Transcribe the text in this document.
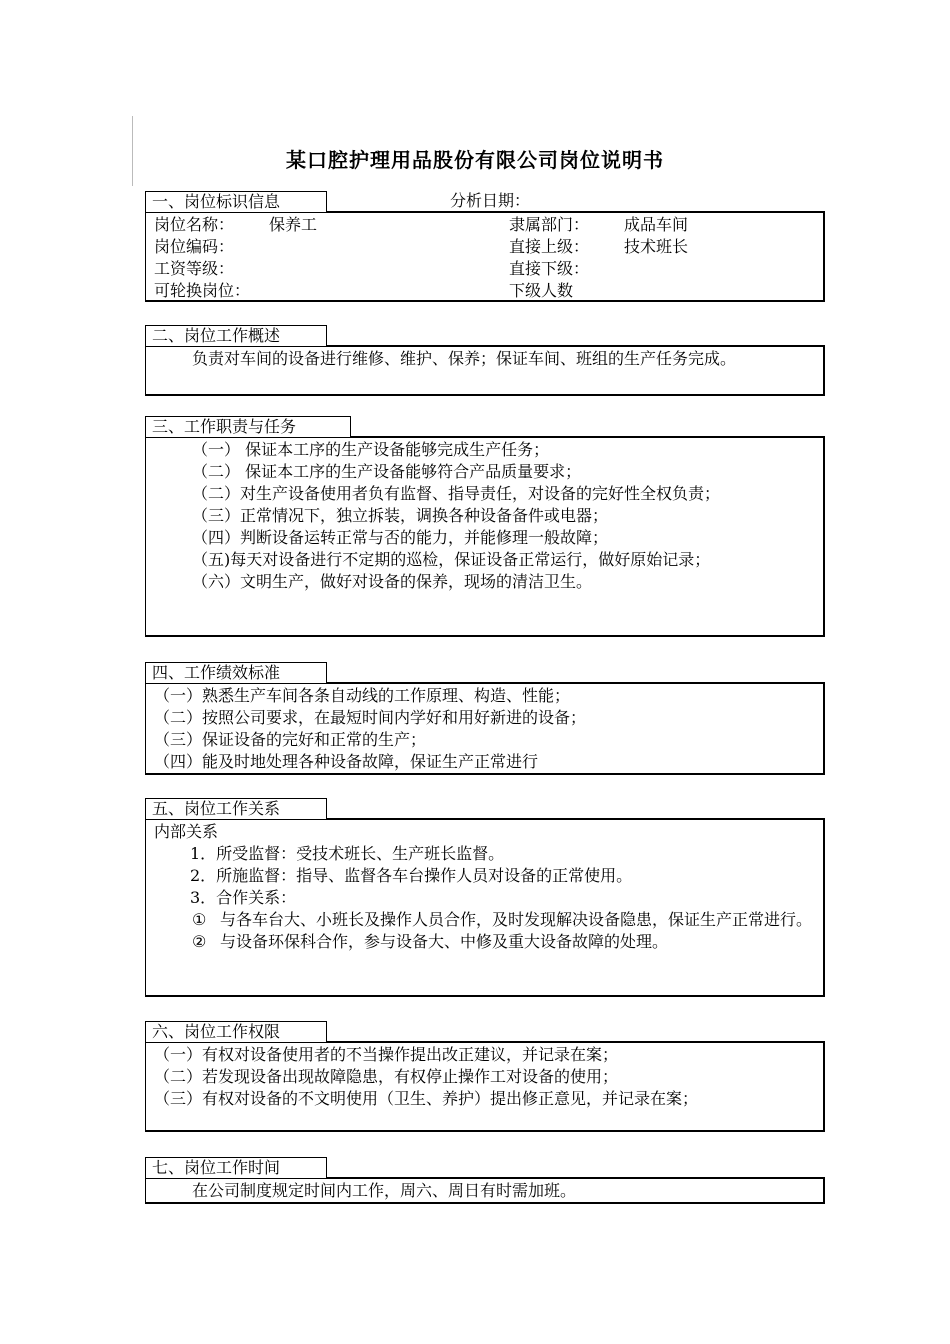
某口腔护理用品股份有限公司岗位说明书
一、岗位标识信息	分析日期：
岗位名称： 保养工	隶属部门： 成品车间
岗位编码：	直接上级： 技术班长
工资等级：	直接下级：
可轮换岗位：	下级人数
二、岗位工作概述
负责对车间的设备进行维修、维护、保养；保证车间、班组的生产任务完成。
三、工作职责与任务
（一） 保证本工序的生产设备能够完成生产任务；
（二） 保证本工序的生产设备能够符合产品质量要求；
（二）对生产设备使用者负有监督、指导责任，对设备的完好性全权负责；
（三）正常情况下，独立拆装，调换各种设备备件或电器；
（四）判断设备运转正常与否的能力，并能修理一般故障；
（五)每天对设备进行不定期的巡检，保证设备正常运行，做好原始记录；
（六）文明生产，做好对设备的保养，现场的清洁卫生。
四、工作绩效标准
（一）熟悉生产车间各条自动线的工作原理、构造、性能；
（二）按照公司要求，在最短时间内学好和用好新进的设备；
（三）保证设备的完好和正常的生产；
（四）能及时地处理各种设备故障，保证生产正常进行
五、岗位工作关系
内部关系
1．所受监督：受技术班长、生产班长监督。
2．所施监督：指导、监督各车台操作人员对设备的正常使用。
3．合作关系：
① 与各车台大、小班长及操作人员合作，及时发现解决设备隐患，保证生产正常进行。
② 与设备环保科合作，参与设备大、中修及重大设备故障的处理。
六、岗位工作权限
（一）有权对设备使用者的不当操作提出改正建议，并记录在案；
（二）若发现设备出现故障隐患，有权停止操作工对设备的使用；
（三）有权对设备的不文明使用（卫生、养护）提出修正意见，并记录在案；
七、岗位工作时间
在公司制度规定时间内工作，周六、周日有时需加班。
